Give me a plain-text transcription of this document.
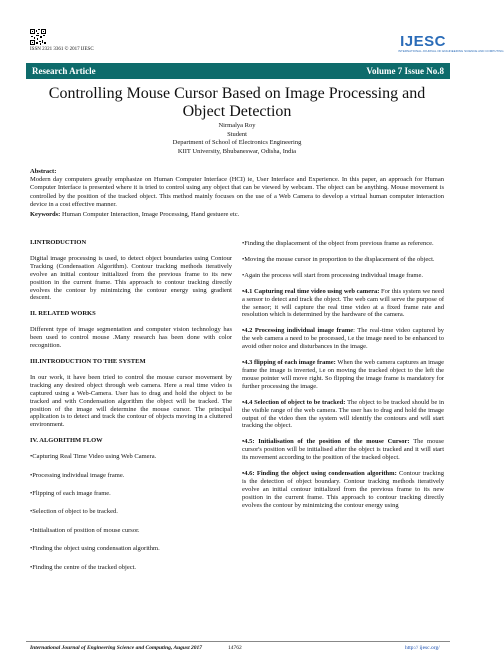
ISSN 2321 3361 © 2017 IJESC	IJESC
INTERNATIONAL JOURNAL OF ENGINEERING SCIENCE AND COMPUTING
Research Article	Volume 7 Issue No.8
Controlling Mouse Cursor Based on Image Processing and Object Detection
Nirmalya Roy
Student
Department of School of Electronics Engineering
KIIT University, Bhubaneswar, Odisha, India
Abstract:
Modern day computers greatly emphasize on Human Computer Interface (HCI) ie, User Interface and Experience. In this paper, an approach for Human Computer Interface is presented where it is tried to control using any object that can be viewed by webcam. The object can be anything. Mouse movement is controlled by the position of the tracked object. This method mainly focuses on the use of a Web Camera to develop a virtual human computer interaction device in a cost effective manner.
Keywords: Human Computer Interaction, Image Processing, Hand gestuere etc.
I.INTRODUCTION

Digital image processing is used, to detect object boundaries using Contour Tracking (Condensation Algorithm). Contour tracking methods iteratively evolve an initial contour initialized from the previous frame to its new position in the current frame. This approach to contour tracking directly evolves the contour by minimizing the contour energy using gradient descent.

II. RELATED WORKS

Different type of image segmentation and computer vision technology has been used to control mouse .Many research has been done with color recognition.

III.INTRODUCTION TO THE SYSTEM

In our work, it have been tried to control the mouse cursor movement by tracking any desired object through web camera. Here a real time video is captured using a Web-Camera. User has to drag and hold the object to be tracked and with Condensation algorithm the object will be tracked. The position of the image will determine the mouse cursor. The principal application is to detect and track the contour of objects moving in a cluttered environment.

IV. ALGORITHM FLOW

•Capturing Real Time Video using Web Camera.

•Processing individual image frame.

•Flipping of each image frame.

•Selection of object to be tracked.

•Initialisation of position of mouse cursor.

•Finding the object using condensation algorithm.

•Finding the centre of the tracked object.

•Finding the displacement of the object from previous frame as reference.

•Moving the mouse cursor in proportion to the displacement of the object.

•Again the process will start from processing individual image frame.

•4.1 Capturing real time video using web camera: For this system we need a sensor to detect and track the object. The web cam will serve the purpose of the sensor; it will capture the real time video at a fixed frame rate and resolution which is determined by the hardware of the camera.

•4.2 Processing individual image frame: The real-time video captured by the web camera a need to be processed, i.e the image need to be enhanced to avoid other noice and disturbances in the image.

•4.3 flipping of each image frame: When the web camera captures an image frame the image is inverted, i.e on moving the tracked object to the left the mouse pointer will move right. So flipping the image frame is mandatory for further processing the image.

•4.4 Selection of object to be tracked: The object to be tracked should be in the visible range of the web camera. The user has to drag and hold the image output of the video then the system will identify the contours and will start tracking the object.

•4.5: Initialisation of the position of the mouse Cursor: The mouse cursor's position will be initialised after the object is tracked and it will start its movement according to the position of the tracked object.

•4.6: Finding the object using condensation algorithm: Contour tracking is the detection of object boundary. Contour tracking methods iteratively evolve an initial contour initialized from the previous frame to its new position in the current frame. This approach to contour tracking directly evolves the contour by minimizing the contour energy using

International Journal of Engineering Science and Computing, August 2017	14762	http:// ijesc.org/
